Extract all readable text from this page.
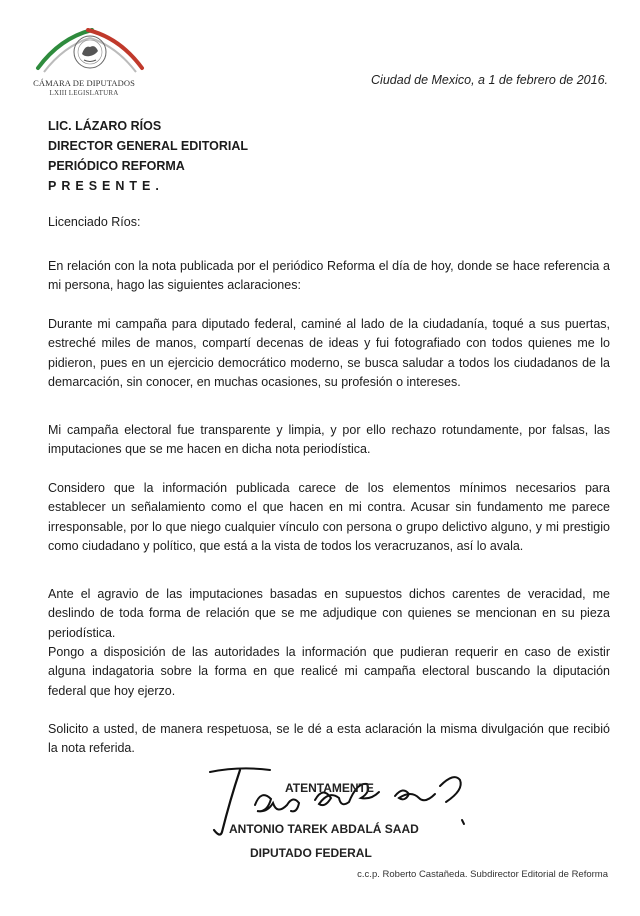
CÁMARA DE DIPUTADOS
LXIII LEGISLATURA
Ciudad de Mexico, a 1 de febrero de 2016.
LIC. LÁZARO RÍOS
DIRECTOR GENERAL EDITORIAL
PERIÓDICO REFORMA
PRESENTE.
Licenciado Ríos:

En relación con la nota publicada por el periódico Reforma el día de hoy, donde se hace referencia a mi persona, hago las siguientes aclaraciones:

Durante mi campaña para diputado federal, caminé al lado de la ciudadanía, toqué a sus puertas, estreché miles de manos, compartí decenas de ideas y fui fotografiado con todos quienes me lo pidieron, pues en un ejercicio democrático moderno, se busca saludar a todos los ciudadanos de la demarcación, sin conocer, en muchas ocasiones, su profesión o intereses.

Mi campaña electoral fue transparente y limpia, y por ello rechazo rotundamente, por falsas, las imputaciones que se me hacen en dicha nota periodística.

Considero que la información publicada carece de los elementos mínimos necesarios para establecer un señalamiento como el que hacen en mi contra. Acusar sin fundamento me parece irresponsable, por lo que niego cualquier vínculo con persona o grupo delictivo alguno, y mi prestigio como ciudadano y político, que está a la vista de todos los veracruzanos, así lo avala.

Ante el agravio de las imputaciones basadas en supuestos dichos carentes de veracidad, me deslindo de toda forma de relación que se me adjudique con quienes se mencionan en su pieza periodística.

Pongo a disposición de las autoridades la información que pudieran requerir en caso de existir alguna indagatoria sobre la forma en que realicé mi campaña electoral buscando la diputación federal que hoy ejerzo.

Solicito a usted, de manera respetuosa, se le dé a esta aclaración la misma divulgación que recibió la nota referida.

ATENTAMENTE
ANTONIO TAREK ABDALÁ SAAD
DIPUTADO FEDERAL
c.c.p. Roberto Castañeda. Subdirector Editorial de Reforma
